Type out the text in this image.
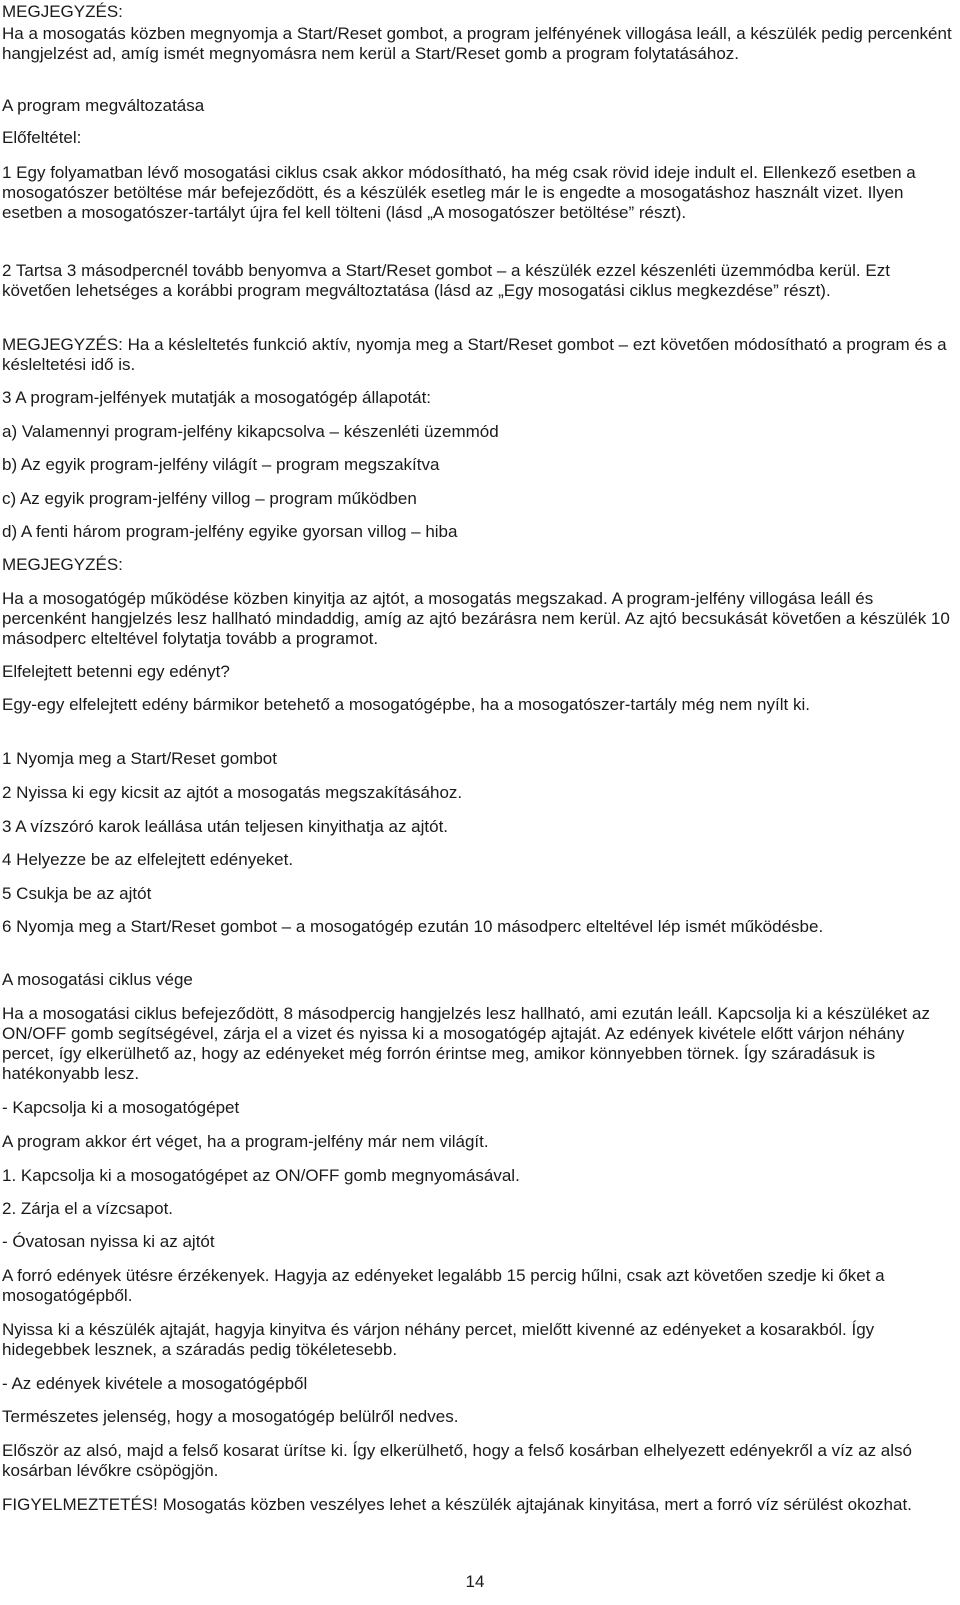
MEGJEGYZÉS:

Ha a mosogatás közben megnyomja a Start/Reset gombot, a program jelfényének villogása leáll, a készülék pedig percenként hangjelzést ad, amíg ismét megnyomásra nem kerül a Start/Reset gomb a program folytatásához.

A program megváltozatása

Előfeltétel:

1 Egy folyamatban lévő mosogatási ciklus csak akkor módosítható, ha még csak rövid ideje indult el. Ellenkező esetben a mosogatószer betöltése már befejeződött, és a készülék esetleg már le is engedte a mosogatáshoz használt vizet. Ilyen esetben a mosogatószer-tartályt újra fel kell tölteni (lásd „A mosogatószer betöltése” részt).

2 Tartsa 3 másodpercnél tovább benyomva a Start/Reset gombot – a készülék ezzel készenléti üzemmódba kerül. Ezt követően lehetséges a korábbi program megváltoztatása (lásd az „Egy mosogatási ciklus megkezdése” részt).

MEGJEGYZÉS: Ha a késleltetés funkció aktív, nyomja meg a Start/Reset gombot – ezt követően módosítható a program és a késleltetési idő is.

3 A program-jelfények mutatják a mosogatógép állapotát:

a) Valamennyi program-jelfény kikapcsolva – készenléti üzemmód

b) Az egyik program-jelfény világít – program megszakítva

c) Az egyik program-jelfény villog – program működben

d) A fenti három program-jelfény egyike gyorsan villog – hiba

MEGJEGYZÉS:

Ha a mosogatógép működése közben kinyitja az ajtót, a mosogatás megszakad. A program-jelfény villogása leáll és percenként hangjelzés lesz hallható mindaddig, amíg az ajtó bezárásra nem kerül. Az ajtó becsukását követően a készülék 10 másodperc elteltével folytatja tovább a programot.

Elfelejtett betenni egy edényt?

Egy-egy elfelejtett edény bármikor betehető a mosogatógépbe, ha a mosogatószer-tartály még nem nyílt ki.

1 Nyomja meg a Start/Reset gombot

2 Nyissa ki egy kicsit az ajtót a mosogatás megszakításához.

3 A vízszóró karok leállása után teljesen kinyithatja az ajtót.

4 Helyezze be az elfelejtett edényeket.

5 Csukja be az ajtót

6 Nyomja meg a Start/Reset gombot – a mosogatógép ezután 10 másodperc elteltével lép ismét működésbe.

A mosogatási ciklus vége

Ha a mosogatási ciklus befejeződött, 8 másodpercig hangjelzés lesz hallható, ami ezután leáll. Kapcsolja ki a készüléket az ON/OFF gomb segítségével, zárja el a vizet és nyissa ki a mosogatógép ajtaját. Az edények kivétele előtt várjon néhány percet, így elkerülhető az, hogy az edényeket még forrón érintse meg, amikor könnyebben törnek. Így száradásuk is hatékonyabb lesz.

- Kapcsolja ki a mosogatógépet

A program akkor ért véget, ha a program-jelfény már nem világít.

1. Kapcsolja ki a mosogatógépet az ON/OFF gomb megnyomásával.

2. Zárja el a vízcsapot.

- Óvatosan nyissa ki az ajtót

A forró edények ütésre érzékenyek. Hagyja az edényeket legalább 15 percig hűlni, csak azt követően szedje ki őket a mosogatógépből.

Nyissa ki a készülék ajtaját, hagyja kinyitva és várjon néhány percet, mielőtt kivenné az edényeket a kosarakból. Így hidegebbek lesznek, a száradás pedig tökéletesebb.

- Az edények kivétele a mosogatógépből

Természetes jelenség, hogy a mosogatógép belülről nedves.

Először az alsó, majd a felső kosarat ürítse ki. Így elkerülhető, hogy a felső kosárban elhelyezett edényekről a víz az alsó kosárban lévőkre csöpögjön.

FIGYELMEZTETÉS! Mosogatás közben veszélyes lehet a készülék ajtajának kinyitása, mert a forró víz sérülést okozhat.

14
